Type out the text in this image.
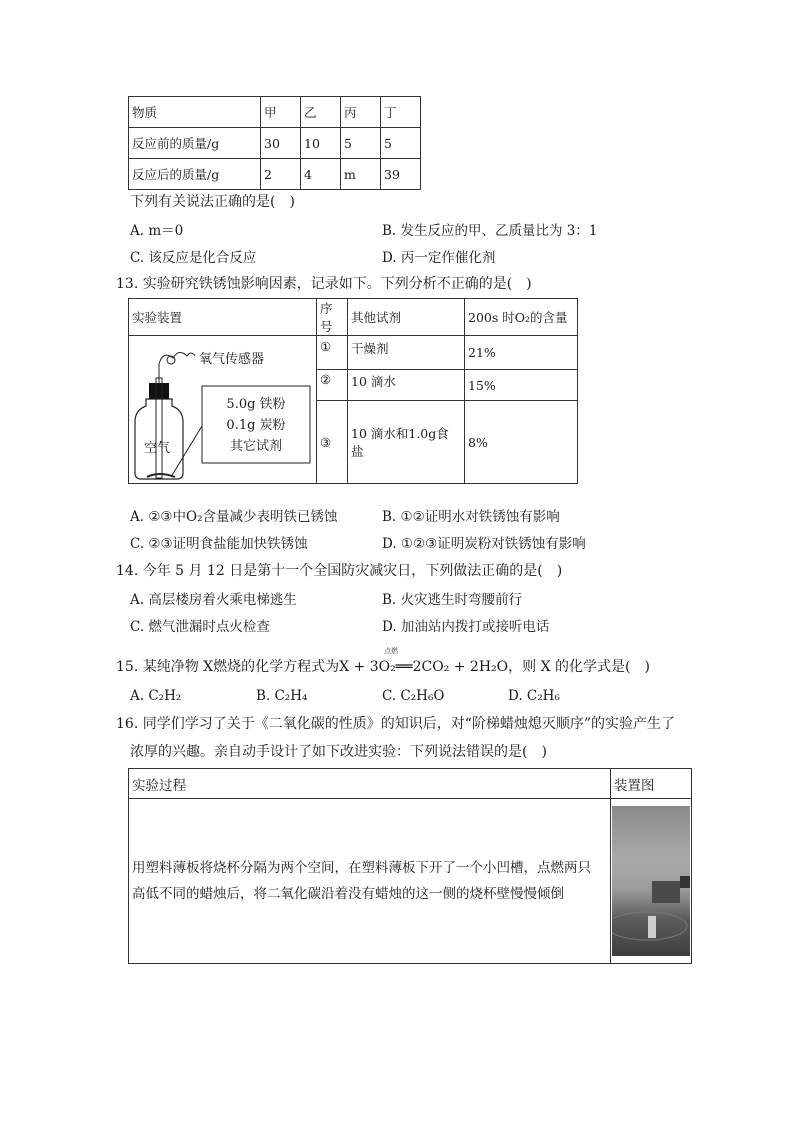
物质	甲	乙	丙	丁
反应前的质量/g	30	10	5	5
反应后的质量/g	2	4	m	39
下列有关说法正确的是(　)
A. m＝0	B. 发生反应的甲、乙质量比为 3：1
C. 该反应是化合反应	D. 丙一定作催化剂
13. 实验研究铁锈蚀影响因素，记录如下。下列分析不正确的是(　)
实验装置	序号	其他试剂	200s 时O₂的含量

氧气传感器
5.0g 铁粉
0.1g 炭粉
其它试剂
空气	①	干燥剂	21%
	②	10 滴水	15%
	③	10 滴水和1.0g食盐	8%
A. ②③中O₂含量减少表明铁已锈蚀	B. ①②证明水对铁锈蚀有影响
C. ②③证明食盐能加快铁锈蚀	D. ①②③证明炭粉对铁锈蚀有影响
14. 今年 5 月 12 日是第十一个全国防灾减灾日，下列做法正确的是(　)
A. 高层楼房着火乘电梯逃生	B. 火灾逃生时弯腰前行
C. 燃气泄漏时点火检查	D. 加油站内拨打或接听电话
15. 某纯净物 X燃烧的化学方程式为
点燃
X + 3O₂══2CO₂ + 2H₂O，则 X 的化学式是(　)
A. C₂H₂	B. C₂H₄	C. C₂H₆O	D. C₂H₆
16. 同学们学习了关于《二氧化碳的性质》的知识后，对“阶梯蜡烛熄灭顺序”的实验产生了
浓厚的兴趣。亲自动手设计了如下改进实验：下列说法错误的是(　)
实验过程	装置图

用塑料薄板将烧杯分隔为两个空间，在塑料薄板下开了一个小凹槽，点燃两只
高低不同的蜡烛后，将二氧化碳沿着没有蜡烛的这一侧的烧杯壁慢慢倾倒
